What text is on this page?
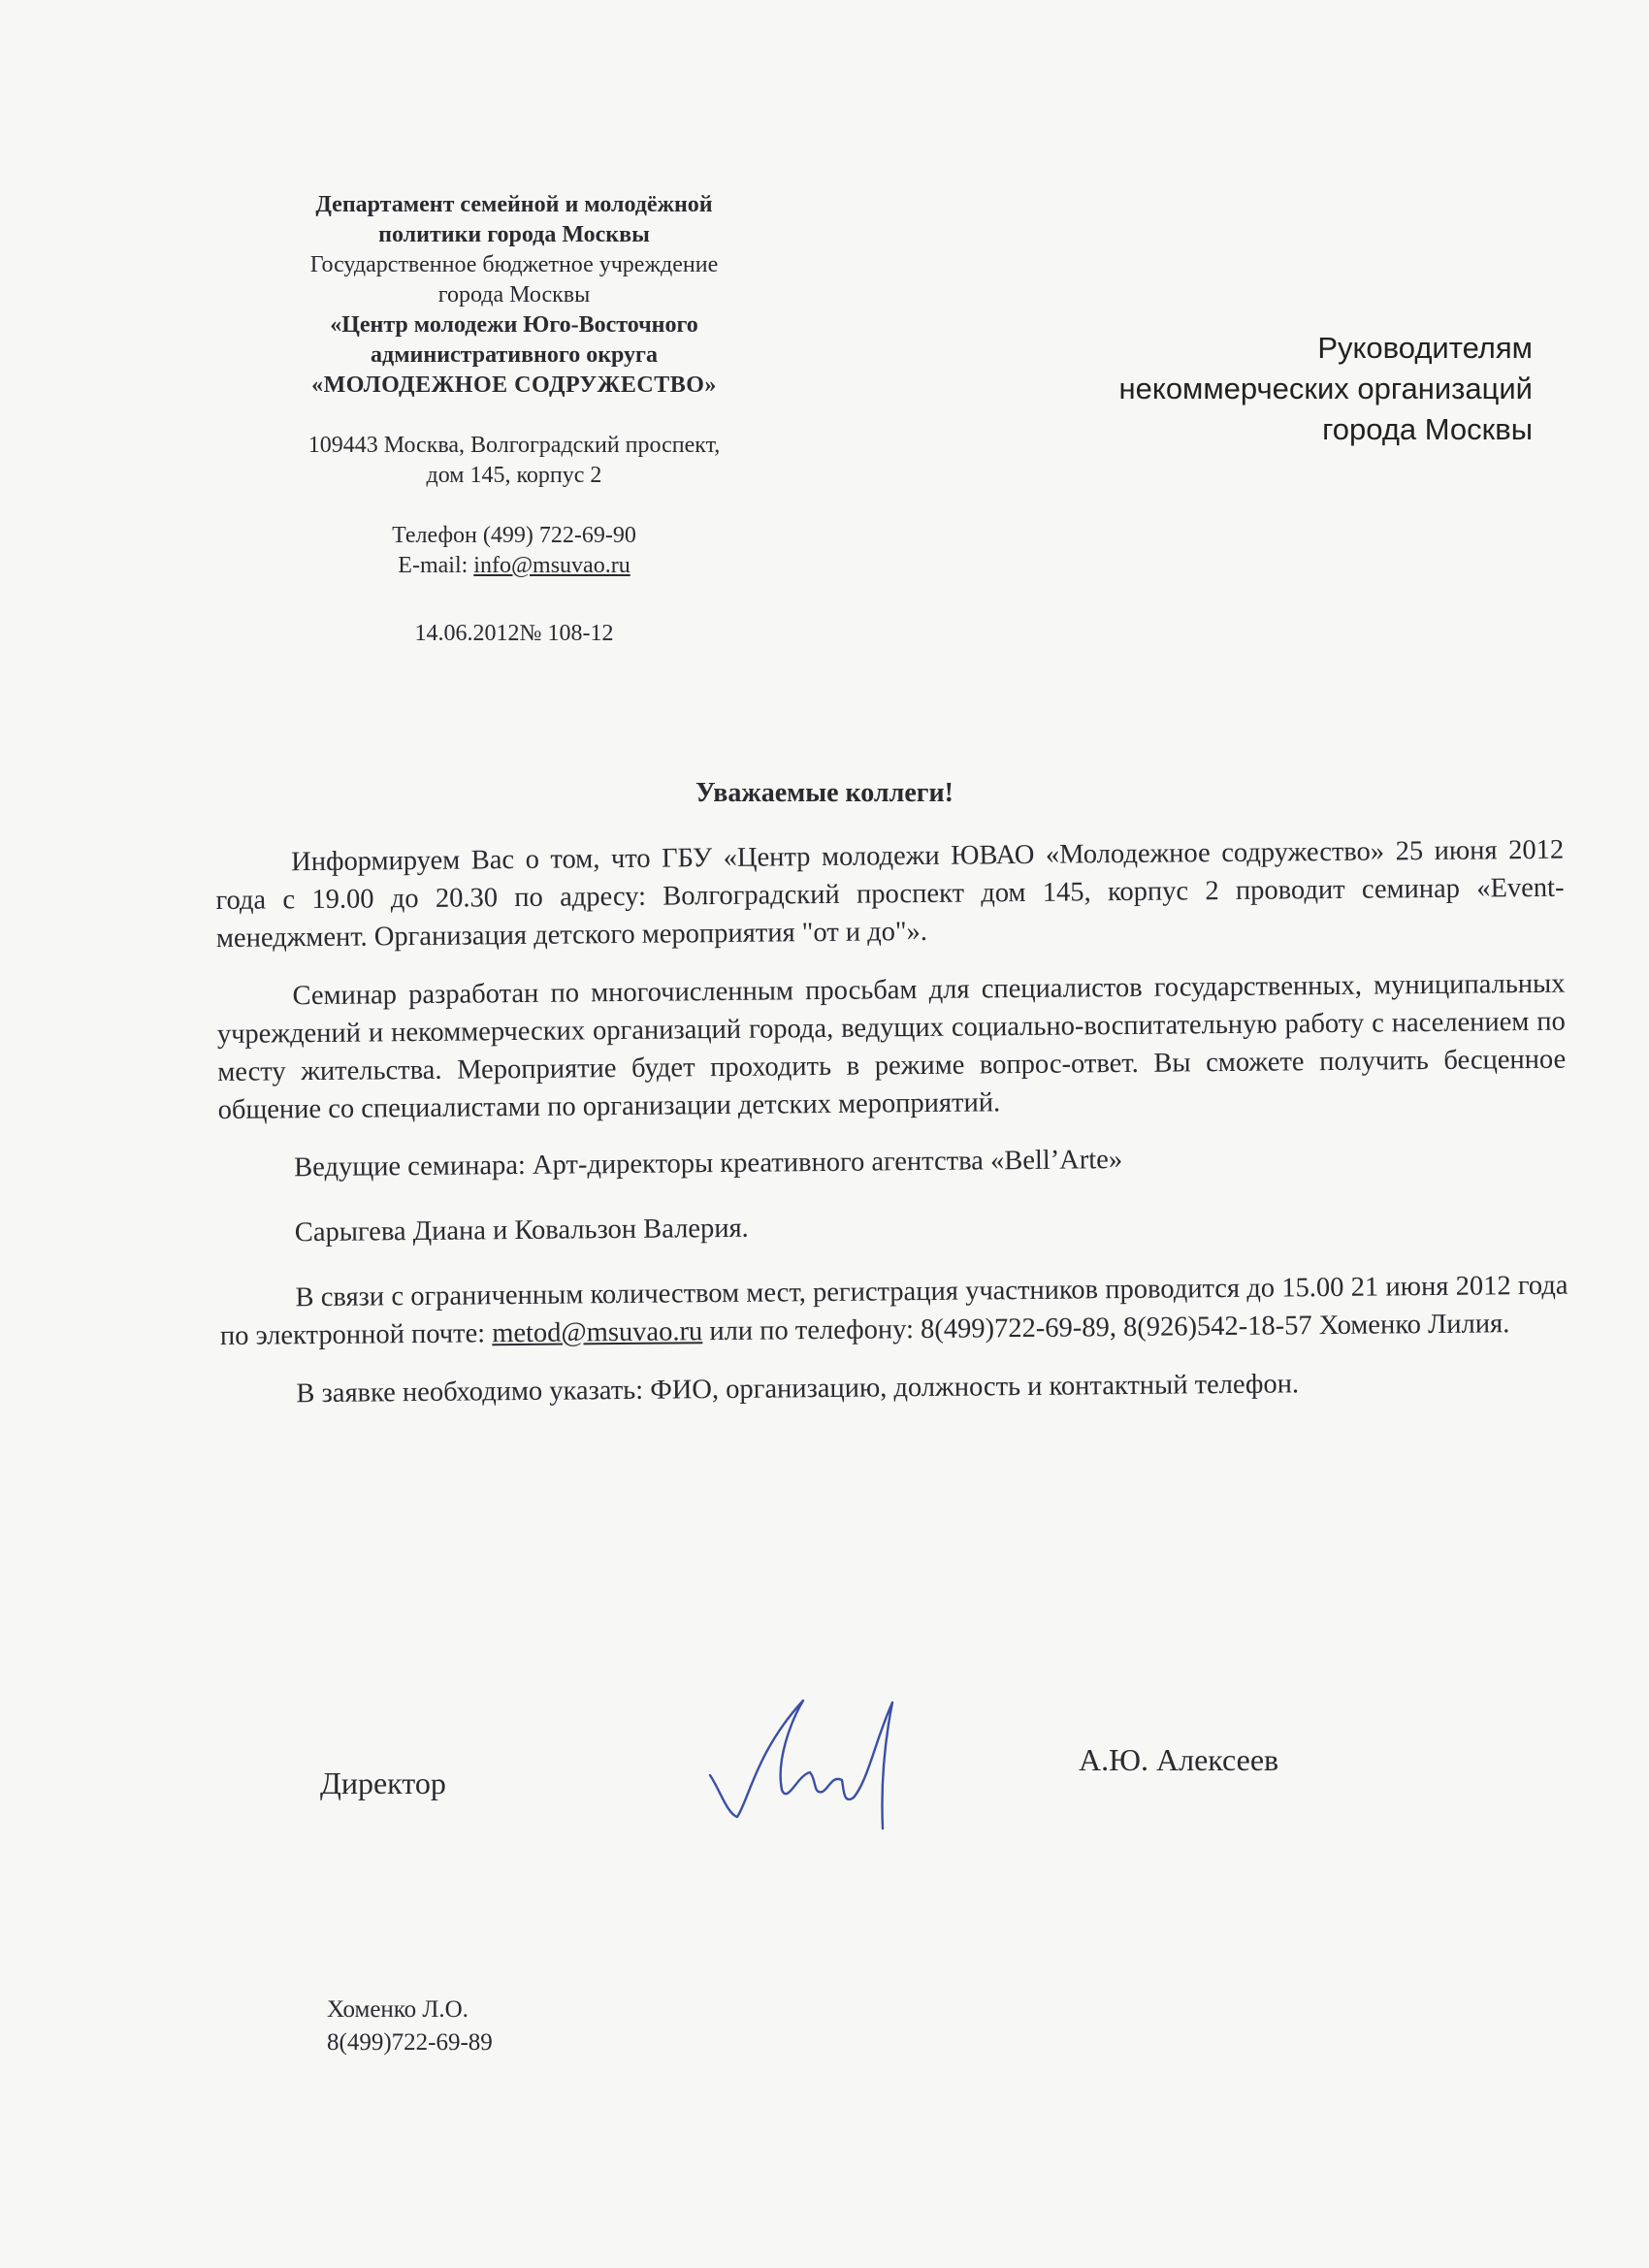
Департамент семейной и молодёжной
политики города Москвы
Государственное бюджетное учреждение
города Москвы
«Центр молодежи Юго-Восточного
административного округа
«МОЛОДЕЖНОЕ СОДРУЖЕСТВО»
109443 Москва, Волгоградский проспект,
дом 145, корпус 2
Телефон (499) 722-69-90
E-mail: info@msuvao.ru
14.06.2012№ 108-12
Руководителям
некоммерческих организаций
города Москвы
Уважаемые коллеги!

Информируем Вас о том, что ГБУ «Центр молодежи ЮВАО «Молодежное содружество» 25 июня 2012 года с 19.00 до 20.30 по адресу: Волгоградский проспект дом 145, корпус 2 проводит семинар «Event-менеджмент. Организация детского мероприятия "от и до"».

Семинар разработан по многочисленным просьбам для специалистов государственных, муниципальных учреждений и некоммерческих организаций города, ведущих социально-воспитательную работу с населением по месту жительства. Мероприятие будет проходить в режиме вопрос-ответ. Вы сможете получить бесценное общение со специалистами по организации детских мероприятий.

Ведущие семинара: Арт-директоры креативного агентства «Bell’Arte»

Сарыгева Диана и Ковальзон Валерия.

В связи с ограниченным количеством мест, регистрация участников проводится до 15.00 21 июня 2012 года по электронной почте: metod@msuvao.ru или по телефону: 8(499)722-69-89, 8(926)542-18-57 Хоменко Лилия.

В заявке необходимо указать: ФИО, организацию, должность и контактный телефон.

Директор
А.Ю. Алексеев
Хоменко Л.О.
8(499)722-69-89
